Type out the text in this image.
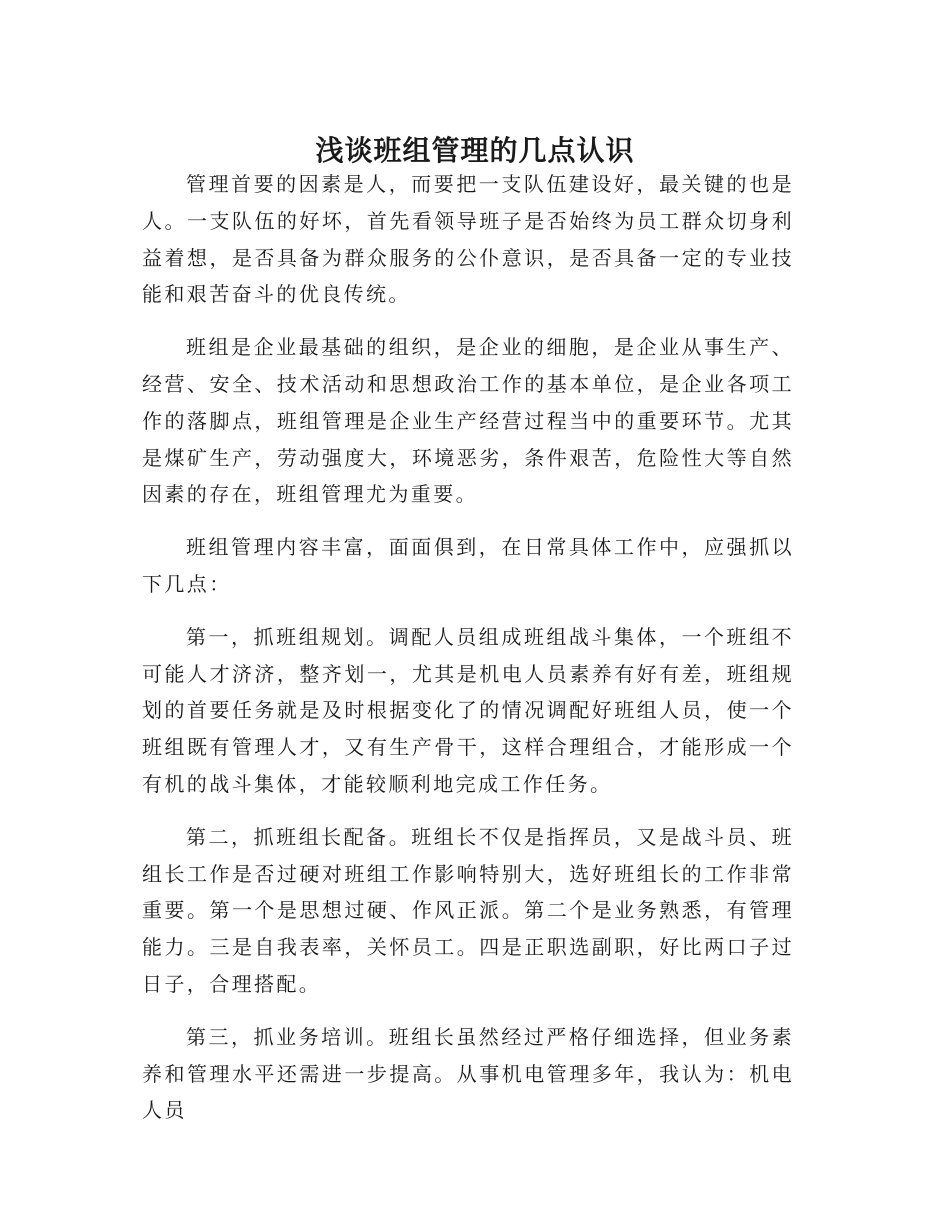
浅谈班组管理的几点认识

管理首要的因素是人，而要把一支队伍建设好，最关键的也是人。一支队伍的好坏，首先看领导班子是否始终为员工群众切身利益着想，是否具备为群众服务的公仆意识，是否具备一定的专业技能和艰苦奋斗的优良传统。

班组是企业最基础的组织，是企业的细胞，是企业从事生产、经营、安全、技术活动和思想政治工作的基本单位，是企业各项工作的落脚点，班组管理是企业生产经营过程当中的重要环节。尤其是煤矿生产，劳动强度大，环境恶劣，条件艰苦，危险性大等自然因素的存在，班组管理尤为重要。

班组管理内容丰富，面面俱到，在日常具体工作中，应强抓以下几点：

第一，抓班组规划。调配人员组成班组战斗集体，一个班组不可能人才济济，整齐划一，尤其是机电人员素养有好有差，班组规划的首要任务就是及时根据变化了的情况调配好班组人员，使一个班组既有管理人才，又有生产骨干，这样合理组合，才能形成一个有机的战斗集体，才能较顺利地完成工作任务。

第二，抓班组长配备。班组长不仅是指挥员，又是战斗员、班组长工作是否过硬对班组工作影响特别大，选好班组长的工作非常重要。第一个是思想过硬、作风正派。第二个是业务熟悉，有管理能力。三是自我表率，关怀员工。四是正职选副职，好比两口子过日子，合理搭配。

第三，抓业务培训。班组长虽然经过严格仔细选择，但业务素养和管理水平还需进一步提高。从事机电管理多年，我认为：机电人员
